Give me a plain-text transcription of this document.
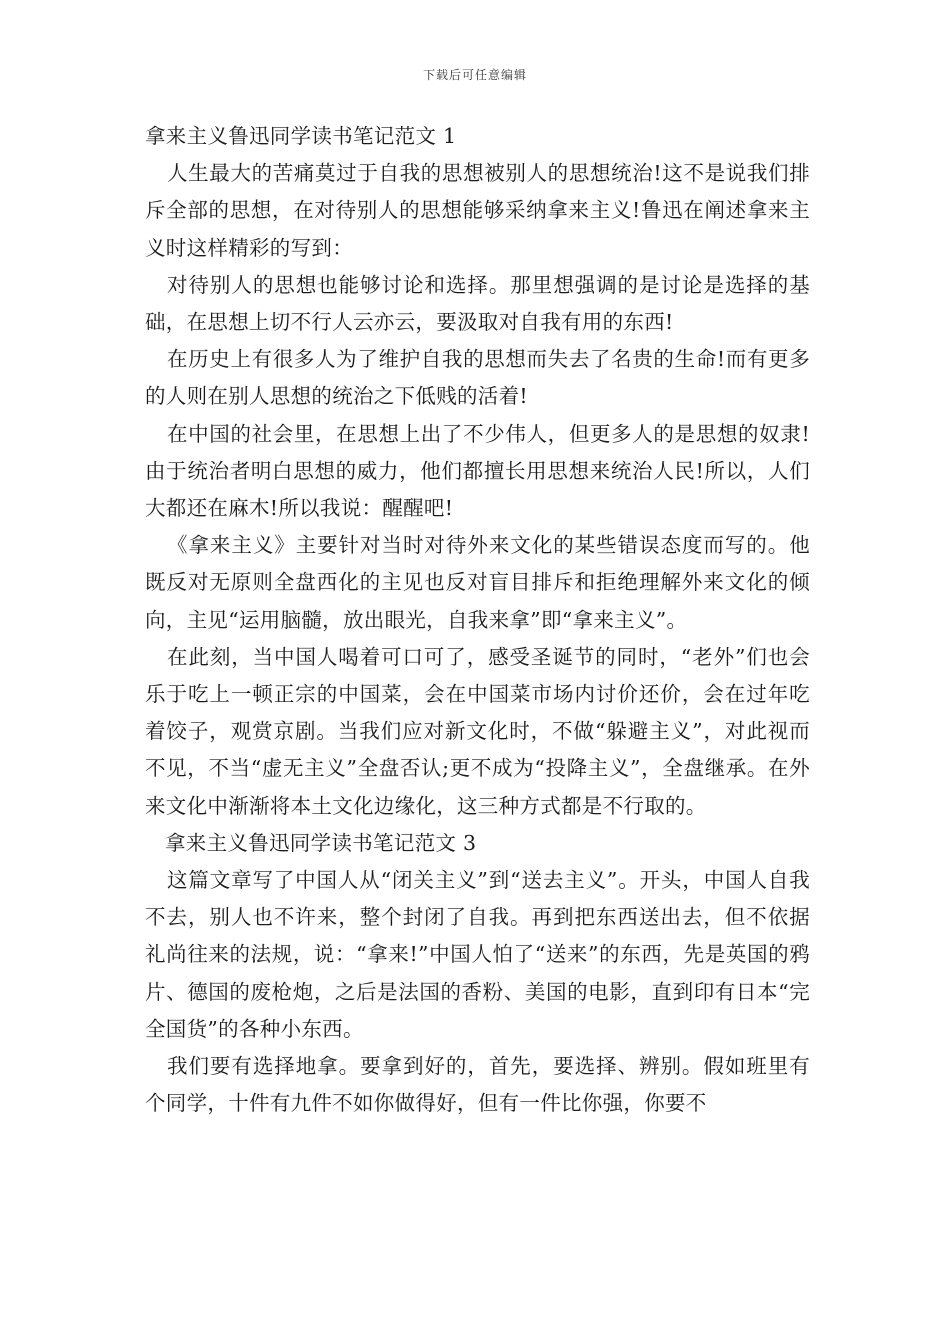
下载后可任意编辑
拿来主义鲁迅同学读书笔记范文 1

人生最大的苦痛莫过于自我的思想被别人的思想统治!这不是说我们排斥全部的思想，在对待别人的思想能够采纳拿来主义!鲁迅在阐述拿来主义时这样精彩的写到：

对待别人的思想也能够讨论和选择。那里想强调的是讨论是选择的基础，在思想上切不行人云亦云，要汲取对自我有用的东西!

在历史上有很多人为了维护自我的思想而失去了名贵的生命!而有更多的人则在别人思想的统治之下低贱的活着!

在中国的社会里，在思想上出了不少伟人，但更多人的是思想的奴隶!由于统治者明白思想的威力，他们都擅长用思想来统治人民!所以，人们大都还在麻木!所以我说：醒醒吧!

《拿来主义》主要针对当时对待外来文化的某些错误态度而写的。他既反对无原则全盘西化的主见也反对盲目排斥和拒绝理解外来文化的倾向，主见“运用脑髓，放出眼光，自我来拿”即“拿来主义”。

在此刻，当中国人喝着可口可了，感受圣诞节的同时，“老外”们也会乐于吃上一顿正宗的中国菜，会在中国菜市场内讨价还价，会在过年吃着饺子，观赏京剧。当我们应对新文化时，不做“躲避主义”，对此视而不见，不当“虚无主义”全盘否认;更不成为“投降主义”，全盘继承。在外来文化中渐渐将本土文化边缘化，这三种方式都是不行取的。

拿来主义鲁迅同学读书笔记范文 3

这篇文章写了中国人从“闭关主义”到“送去主义”。开头，中国人自我不去，别人也不许来，整个封闭了自我。再到把东西送出去，但不依据礼尚往来的法规，说：“拿来!”中国人怕了“送来”的东西，先是英国的鸦片、德国的废枪炮，之后是法国的香粉、美国的电影，直到印有日本“完全国货”的各种小东西。

我们要有选择地拿。要拿到好的，首先，要选择、辨别。假如班里有个同学，十件有九件不如你做得好，但有一件比你强，你要不
